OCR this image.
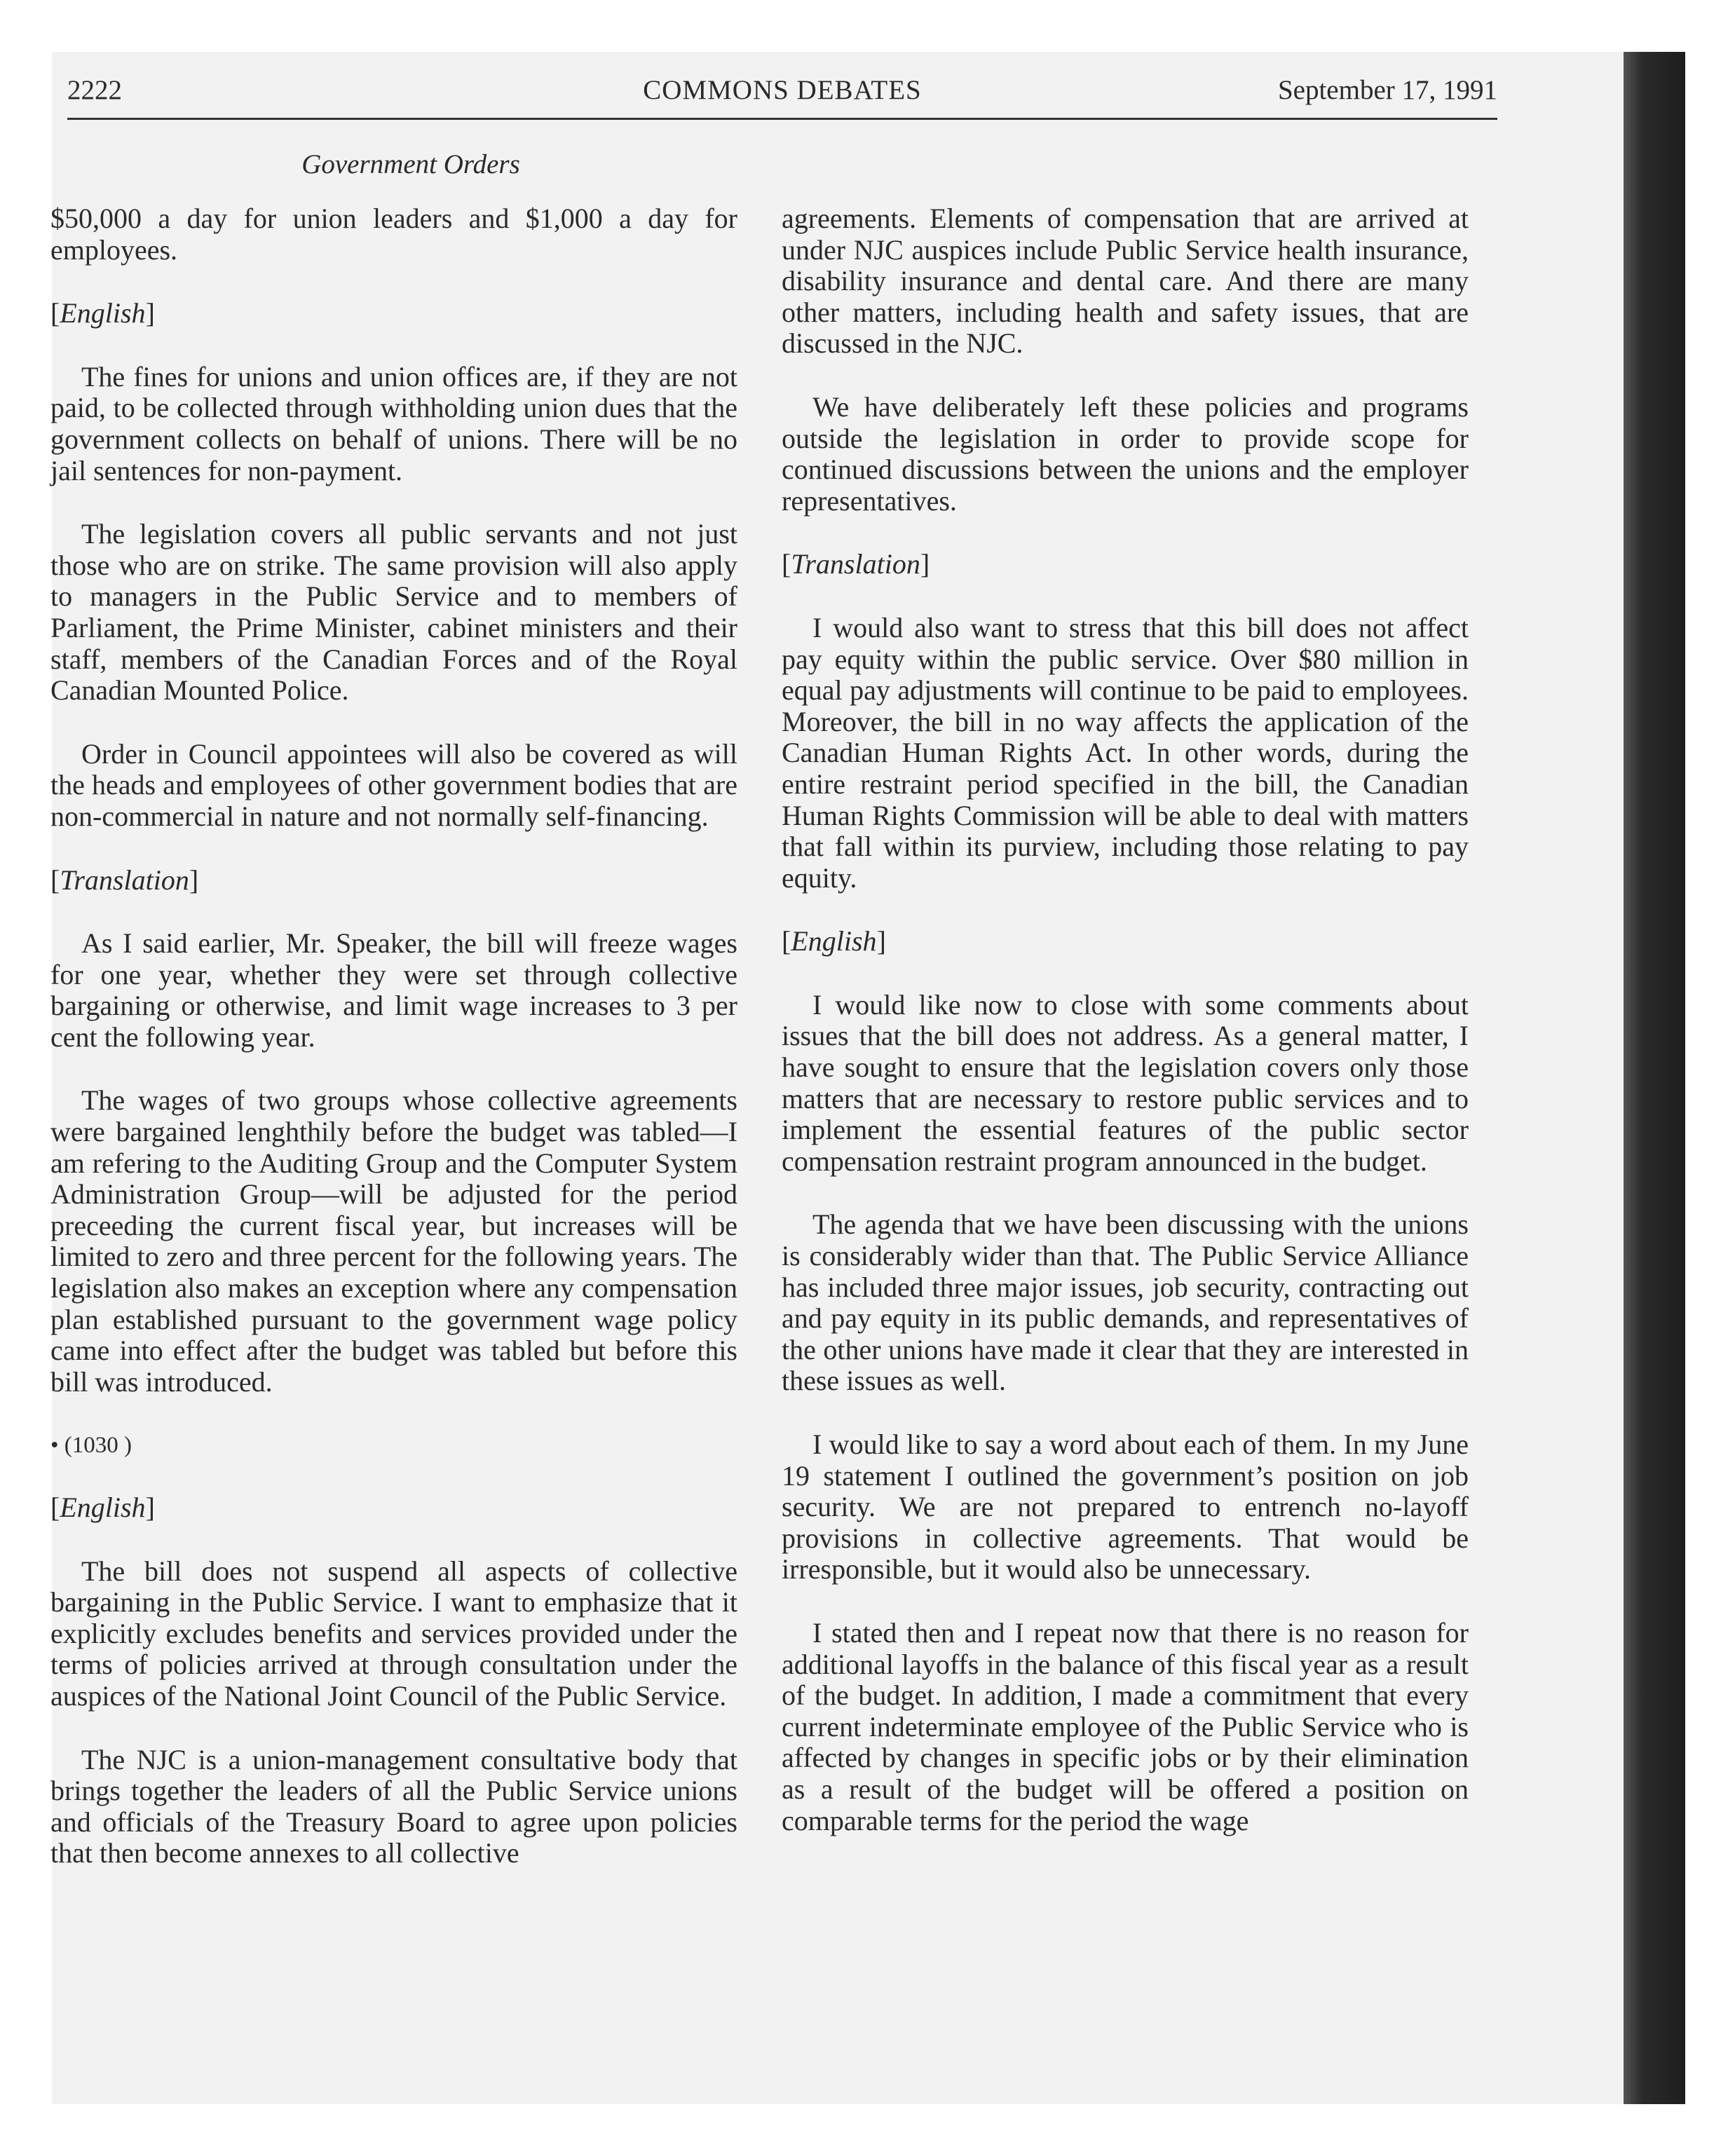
2222	COMMONS DEBATES	September 17, 1991
Government Orders

$50,000 a day for union leaders and $1,000 a day for employees.

[English]

The fines for unions and union offices are, if they are not paid, to be collected through withholding union dues that the government collects on behalf of unions. There will be no jail sentences for non-payment.

The legislation covers all public servants and not just those who are on strike. The same provision will also apply to managers in the Public Service and to members of Parliament, the Prime Minister, cabinet ministers and their staff, members of the Canadian Forces and of the Royal Canadian Mounted Police.

Order in Council appointees will also be covered as will the heads and employees of other government bodies that are non-commercial in nature and not normally self-financing.

[Translation]

As I said earlier, Mr. Speaker, the bill will freeze wages for one year, whether they were set through collective bargaining or otherwise, and limit wage increases to 3 per cent the following year.

The wages of two groups whose collective agreements were bargained lenghthily before the budget was tabled—I am refering to the Auditing Group and the Computer System Administration Group—will be adjusted for the period preceeding the current fiscal year, but increases will be limited to zero and three percent for the following years. The legislation also makes an exception where any compensation plan established pursuant to the government wage policy came into effect after the budget was tabled but before this bill was introduced.

• (1030 )
[English]

The bill does not suspend all aspects of collective bargaining in the Public Service. I want to emphasize that it explicitly excludes benefits and services provided under the terms of policies arrived at through consultation under the auspices of the National Joint Council of the Public Service.

The NJC is a union-management consultative body that brings together the leaders of all the Public Service unions and officials of the Treasury Board to agree upon policies that then become annexes to all collective

agreements. Elements of compensation that are arrived at under NJC auspices include Public Service health insurance, disability insurance and dental care. And there are many other matters, including health and safety issues, that are discussed in the NJC.

We have deliberately left these policies and programs outside the legislation in order to provide scope for continued discussions between the unions and the employer representatives.

[Translation]

I would also want to stress that this bill does not affect pay equity within the public service. Over $80 million in equal pay adjustments will continue to be paid to employees. Moreover, the bill in no way affects the application of the Canadian Human Rights Act. In other words, during the entire restraint period specified in the bill, the Canadian Human Rights Commission will be able to deal with matters that fall within its purview, including those relating to pay equity.

[English]

I would like now to close with some comments about issues that the bill does not address. As a general matter, I have sought to ensure that the legislation covers only those matters that are necessary to restore public services and to implement the essential features of the public sector compensation restraint program announced in the budget.

The agenda that we have been discussing with the unions is considerably wider than that. The Public Service Alliance has included three major issues, job security, contracting out and pay equity in its public demands, and representatives of the other unions have made it clear that they are interested in these issues as well.

I would like to say a word about each of them. In my June 19 statement I outlined the government’s position on job security. We are not prepared to entrench no-layoff provisions in collective agreements. That would be irresponsible, but it would also be unnecessary.

I stated then and I repeat now that there is no reason for additional layoffs in the balance of this fiscal year as a result of the budget. In addition, I made a commitment that every current indeterminate employee of the Public Service who is affected by changes in specific jobs or by their elimination as a result of the budget will be offered a position on comparable terms for the period the wage
